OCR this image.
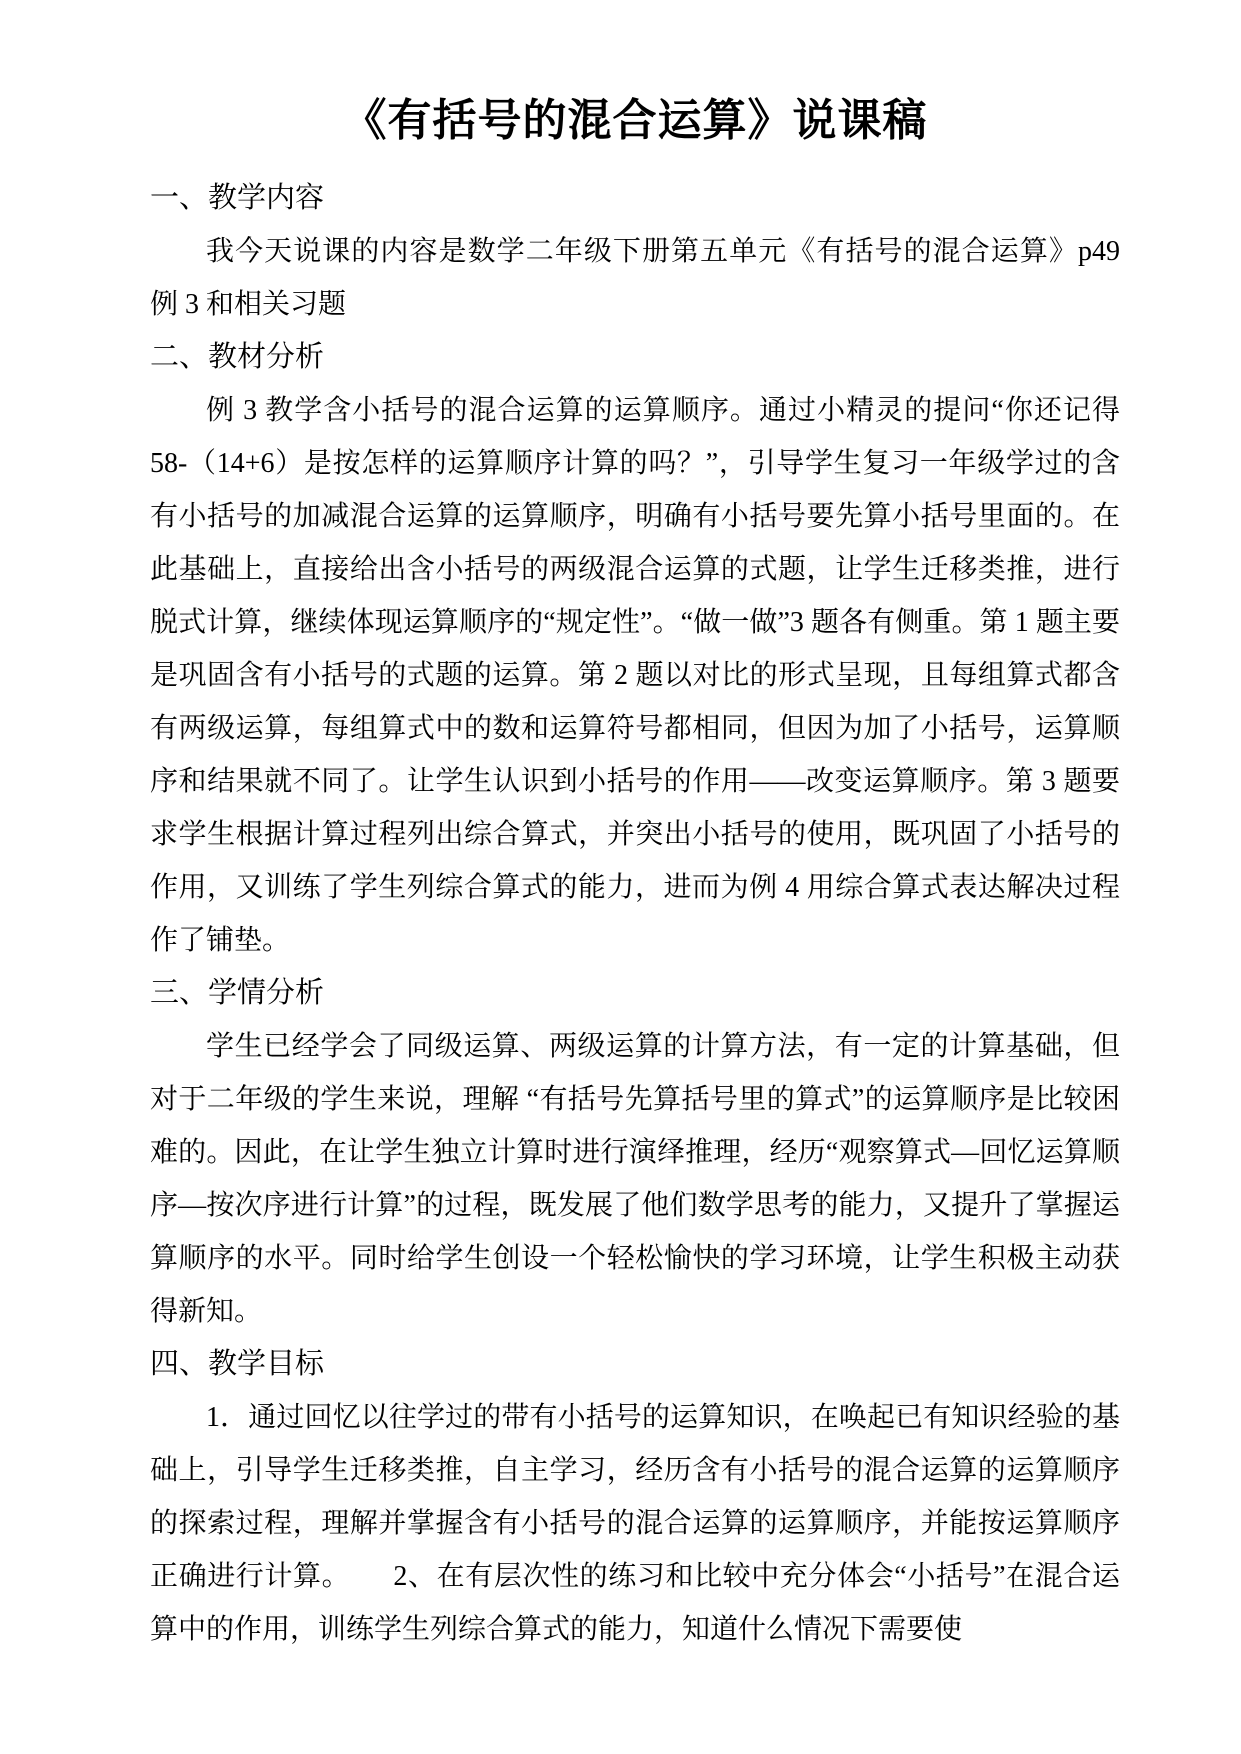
《有括号的混合运算》说课稿
一、教学内容

我今天说课的内容是数学二年级下册第五单元《有括号的混合运算》p49 例 3 和相关习题

二、教材分析

例 3 教学含小括号的混合运算的运算顺序。通过小精灵的提问“你还记得 58-（14+6）是按怎样的运算顺序计算的吗？”，引导学生复习一年级学过的含有小括号的加减混合运算的运算顺序，明确有小括号要先算小括号里面的。在此基础上，直接给出含小括号的两级混合运算的式题，让学生迁移类推，进行脱式计算，继续体现运算顺序的“规定性”。“做一做”3 题各有侧重。第 1 题主要是巩固含有小括号的式题的运算。第 2 题以对比的形式呈现，且每组算式都含有两级运算，每组算式中的数和运算符号都相同，但因为加了小括号，运算顺序和结果就不同了。让学生认识到小括号的作用——改变运算顺序。第 3 题要求学生根据计算过程列出综合算式，并突出小括号的使用，既巩固了小括号的作用，又训练了学生列综合算式的能力，进而为例 4 用综合算式表达解决过程作了铺垫。

三、学情分析

学生已经学会了同级运算、两级运算的计算方法，有一定的计算基础，但对于二年级的学生来说，理解 “有括号先算括号里的算式”的运算顺序是比较困难的。因此，在让学生独立计算时进行演绎推理，经历“观察算式—回忆运算顺序—按次序进行计算”的过程，既发展了他们数学思考的能力，又提升了掌握运算顺序的水平。同时给学生创设一个轻松愉快的学习环境，让学生积极主动获得新知。

四、教学目标

1．通过回忆以往学过的带有小括号的运算知识，在唤起已有知识经验的基础上，引导学生迁移类推，自主学习，经历含有小括号的混合运算的运算顺序的探索过程，理解并掌握含有小括号的混合运算的运算顺序，并能按运算顺序正确进行计算。　　2、在有层次性的练习和比较中充分体会“小括号”在混合运算中的作用，训练学生列综合算式的能力，知道什么情况下需要使
